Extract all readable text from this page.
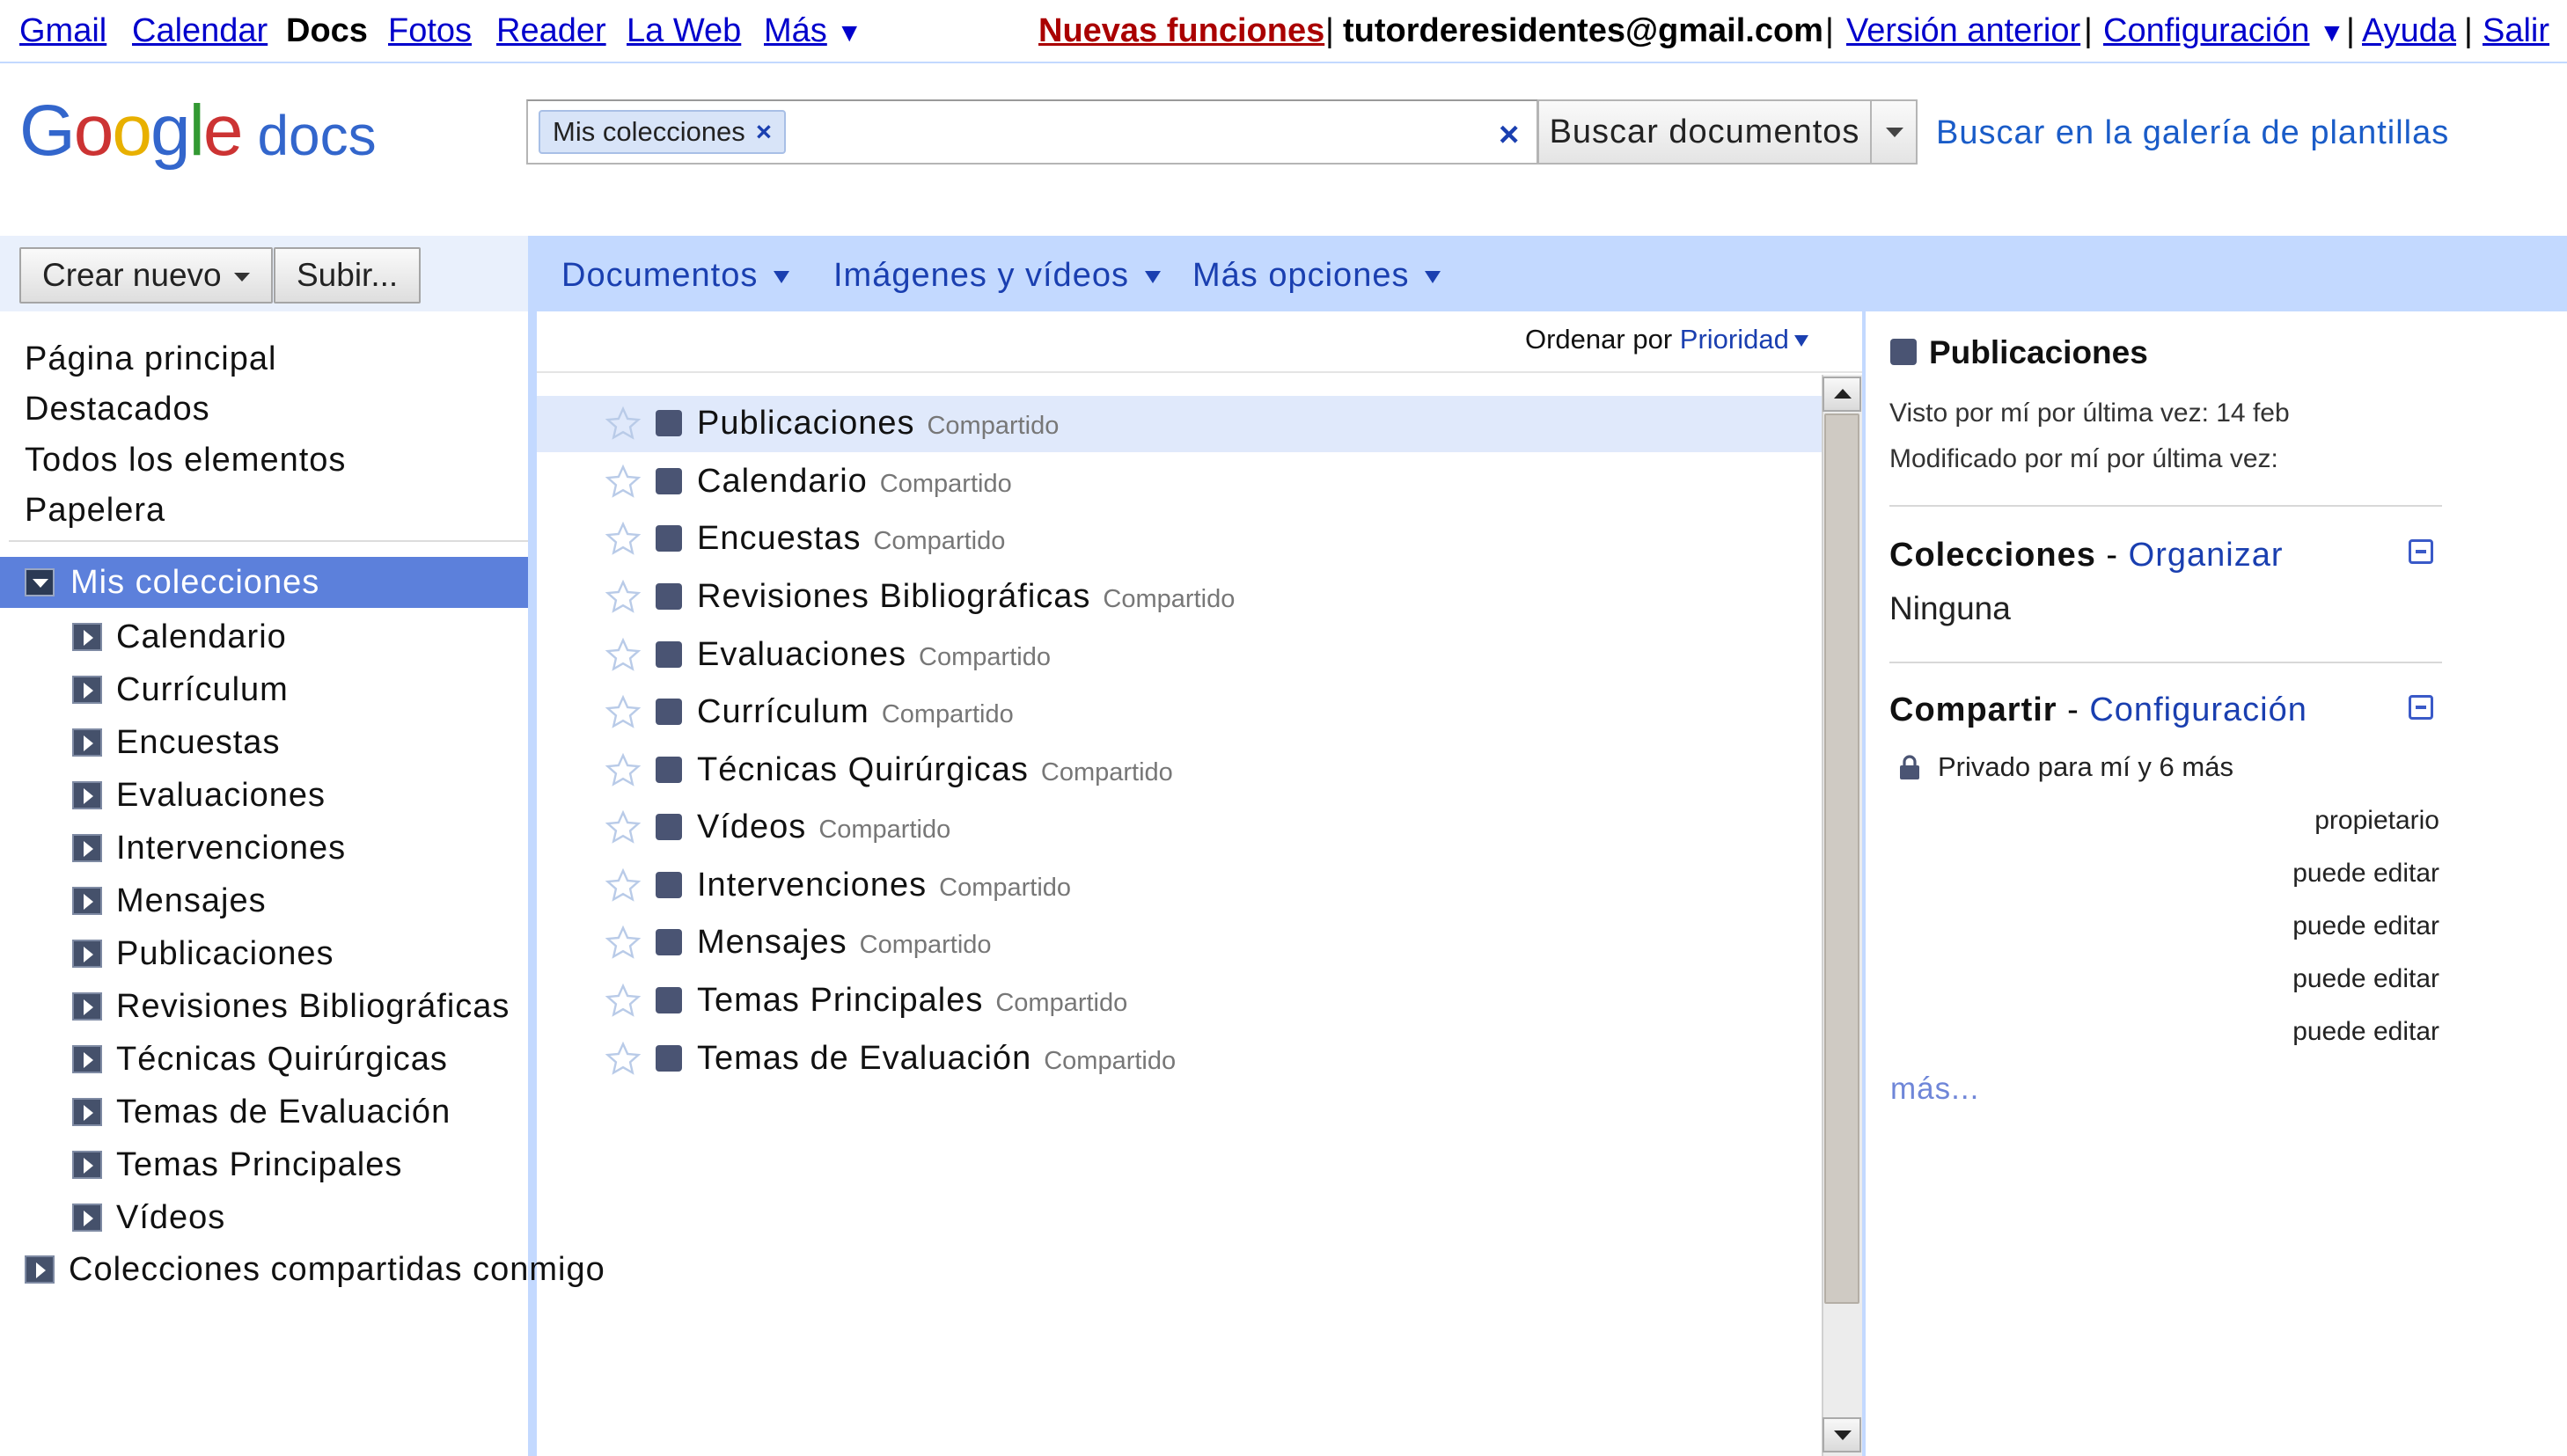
Gmail Calendar Docs Fotos Reader La Web Más ▼	Nuevas funciones | tutorderesidentes@gmail.com | Versión anterior | Configuración ▼ | Ayuda | Salir
Google docs	Mis colecciones ×	× Buscar documentos	Buscar en la galería de plantillas
Crear nuevo	Subir...	Documentos	Imágenes y vídeos	Más opciones
Página principal
Destacados
Todos los elementos
Papelera
Mis colecciones
Calendario
Currículum
Encuestas
Evaluaciones
Intervenciones
Mensajes
Publicaciones
Revisiones Bibliográficas
Técnicas Quirúrgicas
Temas de Evaluación
Temas Principales
Vídeos
Colecciones compartidas conmigo
Ordenar por Prioridad
Publicaciones Compartido
Calendario Compartido
Encuestas Compartido
Revisiones Bibliográficas Compartido
Evaluaciones Compartido
Currículum Compartido
Técnicas Quirúrgicas Compartido
Vídeos Compartido
Intervenciones Compartido
Mensajes Compartido
Temas Principales Compartido
Temas de Evaluación Compartido
Publicaciones
Visto por mí por última vez: 14 feb
Modificado por mí por última vez:
Colecciones - Organizar
Ninguna
Compartir - Configuración
Privado para mí y 6 más
propietario
puede editar
puede editar
puede editar
puede editar
más...
